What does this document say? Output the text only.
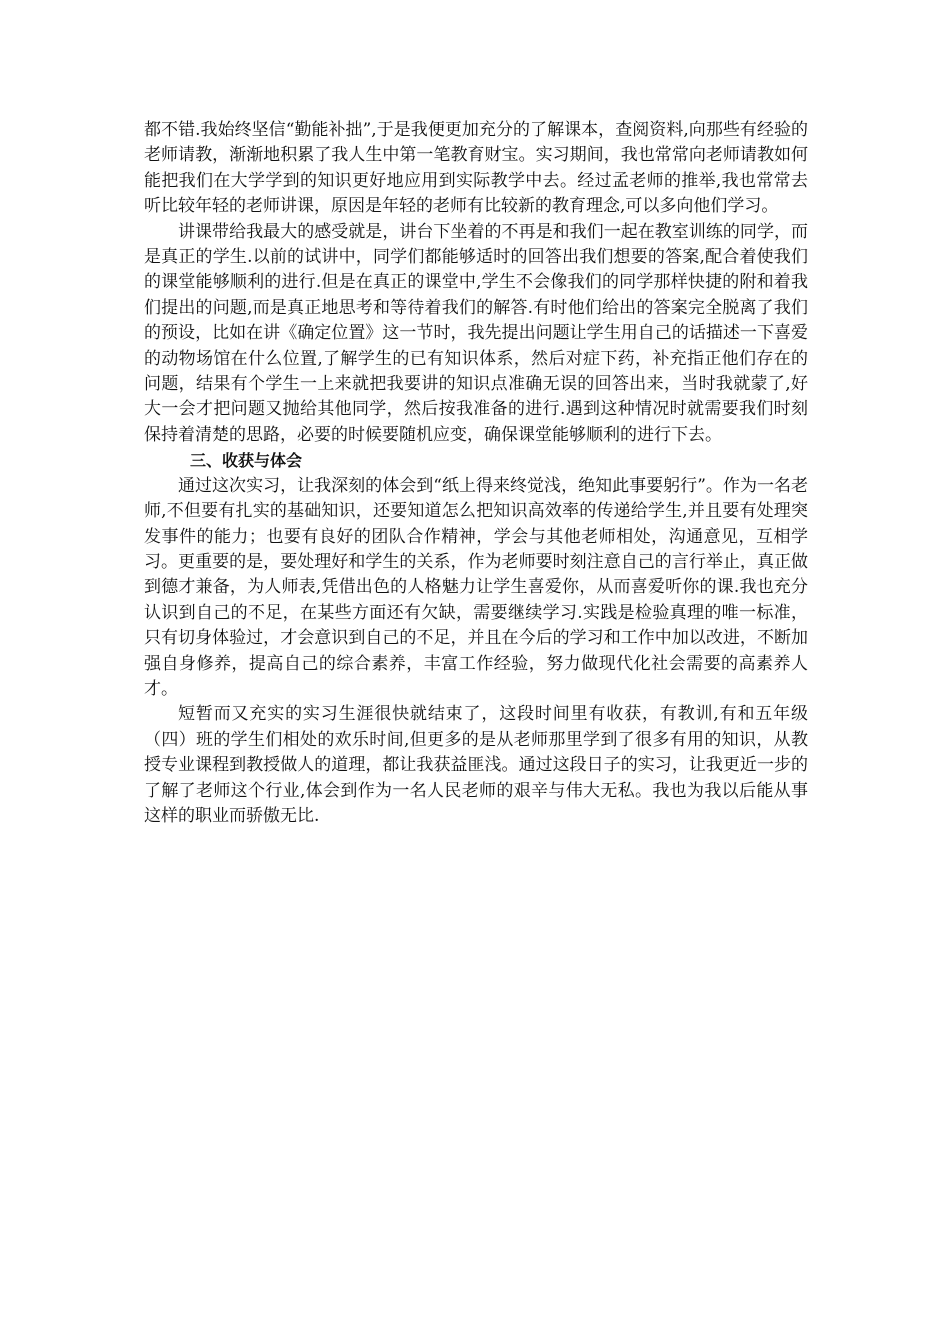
都不错.我始终坚信“勤能补拙”,于是我便更加充分的了解课本，查阅资料,向那些有经验的老师请教，渐渐地积累了我人生中第一笔教育财宝。实习期间，我也常常向老师请教如何能把我们在大学学到的知识更好地应用到实际教学中去。经过孟老师的推举,我也常常去听比较年轻的老师讲课，原因是年轻的老师有比较新的教育理念,可以多向他们学习。

讲课带给我最大的感受就是，讲台下坐着的不再是和我们一起在教室训练的同学，而是真正的学生.以前的试讲中，同学们都能够适时的回答出我们想要的答案,配合着使我们的课堂能够顺利的进行.但是在真正的课堂中,学生不会像我们的同学那样快捷的附和着我们提出的问题,而是真正地思考和等待着我们的解答.有时他们给出的答案完全脱离了我们的预设，比如在讲《确定位置》这一节时，我先提出问题让学生用自己的话描述一下喜爱的动物场馆在什么位置,了解学生的已有知识体系，然后对症下药，补充指正他们存在的问题，结果有个学生一上来就把我要讲的知识点准确无误的回答出来，当时我就蒙了,好大一会才把问题又抛给其他同学，然后按我准备的进行.遇到这种情况时就需要我们时刻保持着清楚的思路，必要的时候要随机应变，确保课堂能够顺利的进行下去。

三、收获与体会

通过这次实习，让我深刻的体会到“纸上得来终觉浅，绝知此事要躬行”。作为一名老师,不但要有扎实的基础知识，还要知道怎么把知识高效率的传递给学生,并且要有处理突发事件的能力；也要有良好的团队合作精神，学会与其他老师相处，沟通意见，互相学习。更重要的是，要处理好和学生的关系，作为老师要时刻注意自己的言行举止，真正做到德才兼备，为人师表,凭借出色的人格魅力让学生喜爱你，从而喜爱听你的课.我也充分认识到自己的不足，在某些方面还有欠缺，需要继续学习.实践是检验真理的唯一标准，只有切身体验过，才会意识到自己的不足，并且在今后的学习和工作中加以改进，不断加强自身修养，提高自己的综合素养，丰富工作经验，努力做现代化社会需要的高素养人才。

短暂而又充实的实习生涯很快就结束了，这段时间里有收获，有教训,有和五年级（四）班的学生们相处的欢乐时间,但更多的是从老师那里学到了很多有用的知识，从教授专业课程到教授做人的道理，都让我获益匪浅。通过这段日子的实习，让我更近一步的了解了老师这个行业,体会到作为一名人民老师的艰辛与伟大无私。我也为我以后能从事这样的职业而骄傲无比.
